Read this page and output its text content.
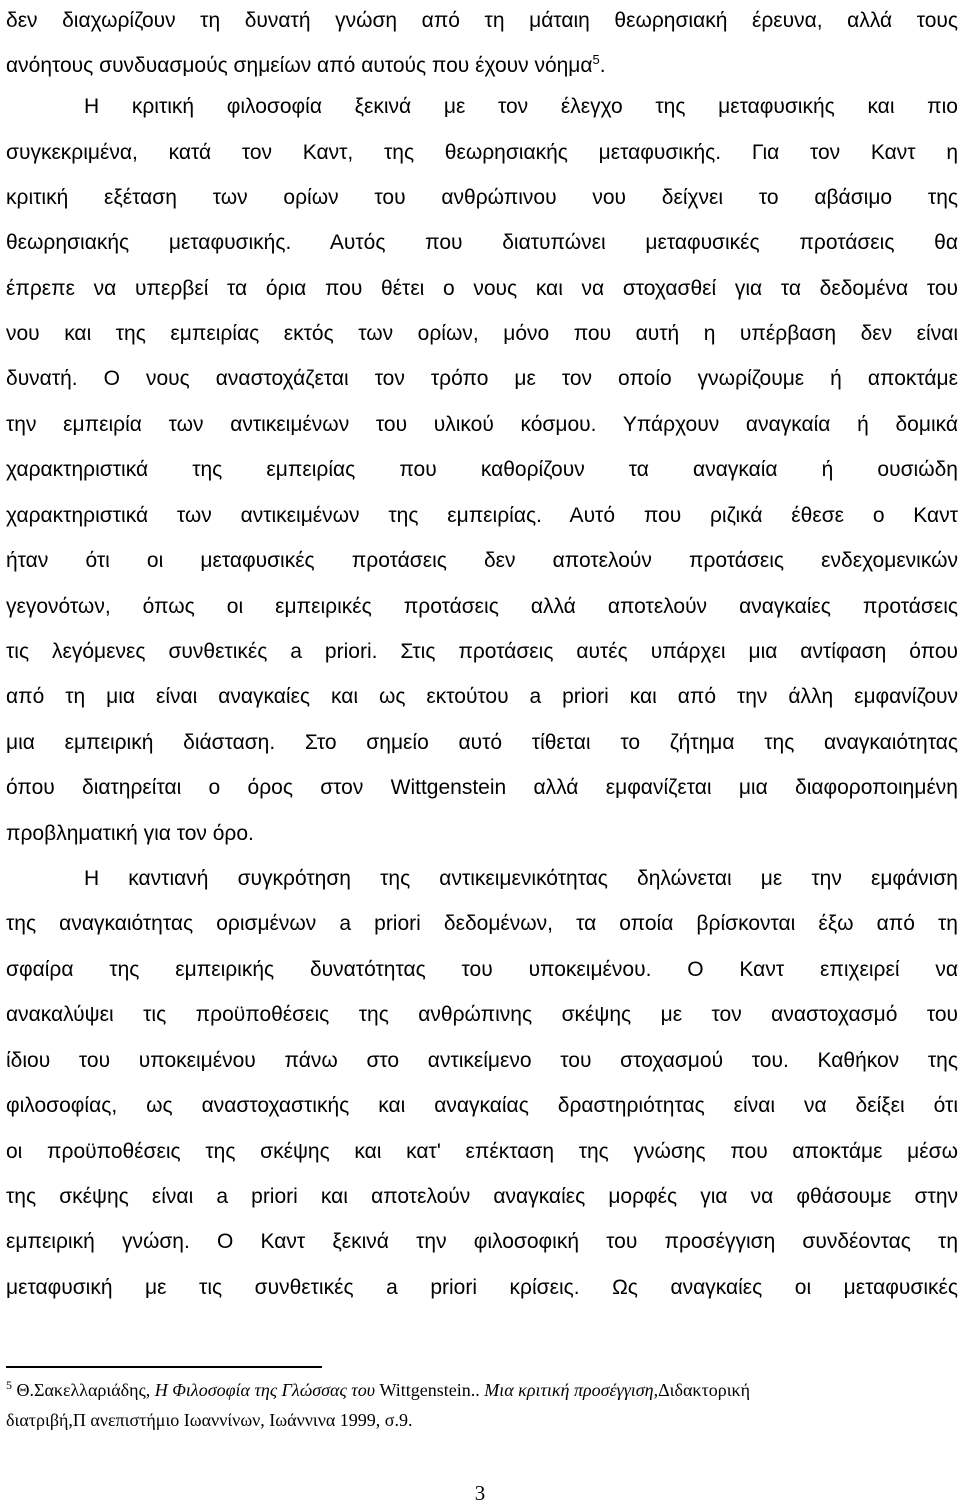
δεν διαχωρίζουν τη δυνατή γνώση από τη μάταιη θεωρησιακή έρευνα, αλλά τους
ανόητους συνδυασμούς σημείων από αυτούς που έχουν νόημα$^5$.
Η κριτική φιλοσοφία ξεκινά με τον έλεγχο της μεταφυσικής και πιο
συγκεκριμένα, κατά τον Καντ, της θεωρησιακής μεταφυσικής. Για τον Καντ η
κριτική εξέταση των ορίων του ανθρώπινου νου δείχνει το αβάσιμο της
θεωρησιακής μεταφυσικής. Αυτός που διατυπώνει μεταφυσικές προτάσεις θα
έπρεπε να υπερβεί τα όρια που θέτει ο νους και να στοχασθεί για τα δεδομένα του
νου και της εμπειρίας εκτός των ορίων, μόνο που αυτή η υπέρβαση δεν είναι
δυνατή. Ο νους αναστοχάζεται τον τρόπο με τον οποίο γνωρίζουμε ή αποκτάμε
την εμπειρία των αντικειμένων του υλικού κόσμου. Υπάρχουν αναγκαία ή δομικά
χαρακτηριστικά της εμπειρίας που καθορίζουν τα αναγκαία ή ουσιώδη
χαρακτηριστικά των αντικειμένων της εμπειρίας. Αυτό που ριζικά έθεσε ο Καντ
ήταν ότι οι μεταφυσικές προτάσεις δεν αποτελούν προτάσεις ενδεχομενικών
γεγονότων, όπως οι εμπειρικές προτάσεις αλλά αποτελούν αναγκαίες προτάσεις
τις λεγόμενες συνθετικές a priori. Στις προτάσεις αυτές υπάρχει μια αντίφαση όπου
από τη μια είναι αναγκαίες και ως εκτούτου a priori και από την άλλη εμφανίζουν
μια εμπειρική διάσταση. Στο σημείο αυτό τίθεται το ζήτημα της αναγκαιότητας
όπου διατηρείται ο όρος στον Wittgenstein αλλά εμφανίζεται μια διαφοροποιημένη
προβληματική για τον όρο.
Η καντιανή συγκρότηση της αντικειμενικότητας δηλώνεται με την εμφάνιση
της αναγκαιότητας ορισμένων a priori δεδομένων, τα οποία βρίσκονται έξω από τη
σφαίρα της εμπειρικής δυνατότητας του υποκειμένου. Ο Καντ επιχειρεί να
ανακαλύψει τις προϋποθέσεις της ανθρώπινης σκέψης με τον αναστοχασμό του
ίδιου του υποκειμένου πάνω στο αντικείμενο του στοχασμού του. Καθήκον της
φιλοσοφίας, ως αναστοχαστικής και αναγκαίας δραστηριότητας είναι να δείξει ότι
οι προϋποθέσεις της σκέψης και κατ' επέκταση της γνώσης που αποκτάμε μέσω
της σκέψης είναι a priori και αποτελούν αναγκαίες μορφές για να φθάσουμε στην
εμπειρική γνώση. Ο Καντ ξεκινά την φιλοσοφική του προσέγγιση συνδέοντας τη
μεταφυσική με τις συνθετικές a priori κρίσεις. Ως αναγκαίες οι μεταφυσικές
$^5$ Θ.Σακελλαριάδης, Η Φιλοσοφία της Γλώσσας του Wittgenstein.. Μια κριτική προσέγγιση,Διδακτορική
διατριβή,Π ανεπιστήμιο Ιωαννίνων, Ιωάννινα 1999, σ.9.
3
